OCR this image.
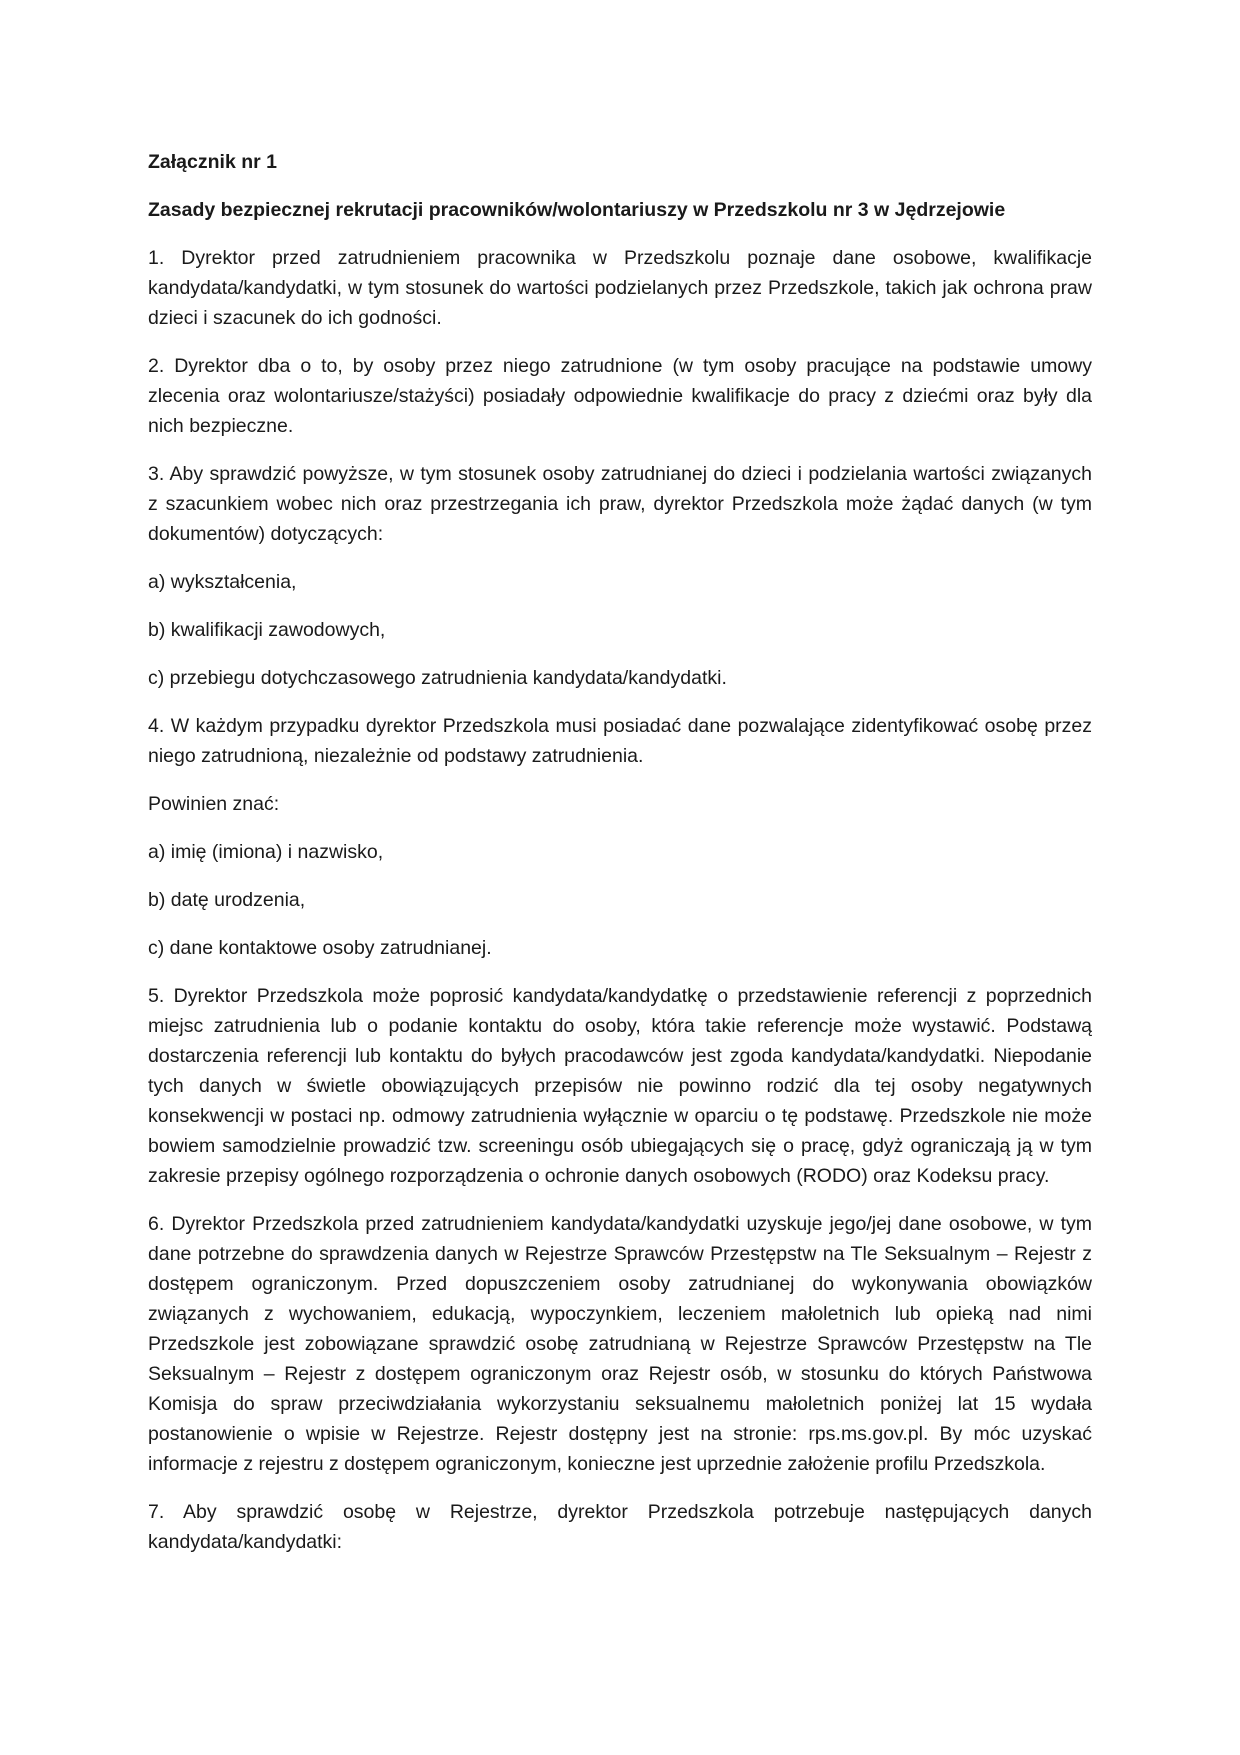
Załącznik nr 1

Zasady bezpiecznej rekrutacji pracowników/wolontariuszy w Przedszkolu nr 3 w Jędrzejowie

1. Dyrektor przed zatrudnieniem pracownika w Przedszkolu poznaje dane osobowe, kwalifikacje kandydata/kandydatki, w tym stosunek do wartości podzielanych przez Przedszkole, takich jak ochrona praw dzieci i szacunek do ich godności.

2. Dyrektor dba o to, by osoby przez niego zatrudnione (w tym osoby pracujące na podstawie umowy zlecenia oraz wolontariusze/stażyści) posiadały odpowiednie kwalifikacje do pracy z dziećmi oraz były dla nich bezpieczne.

3. Aby sprawdzić powyższe, w tym stosunek osoby zatrudnianej do dzieci i podzielania wartości związanych z szacunkiem wobec nich oraz przestrzegania ich praw, dyrektor Przedszkola może żądać danych (w tym dokumentów) dotyczących:

a) wykształcenia,

b) kwalifikacji zawodowych,

c) przebiegu dotychczasowego zatrudnienia kandydata/kandydatki.

4. W każdym przypadku dyrektor Przedszkola musi posiadać dane pozwalające zidentyfikować osobę przez niego zatrudnioną, niezależnie od podstawy zatrudnienia.

Powinien znać:

a) imię (imiona) i nazwisko,

b) datę urodzenia,

c) dane kontaktowe osoby zatrudnianej.

5. Dyrektor Przedszkola może poprosić kandydata/kandydatkę o przedstawienie referencji z poprzednich miejsc zatrudnienia lub o podanie kontaktu do osoby, która takie referencje może wystawić. Podstawą dostarczenia referencji lub kontaktu do byłych pracodawców jest zgoda kandydata/kandydatki. Niepodanie tych danych w świetle obowiązujących przepisów nie powinno rodzić dla tej osoby negatywnych konsekwencji w postaci np. odmowy zatrudnienia wyłącznie w oparciu o tę podstawę. Przedszkole nie może bowiem samodzielnie prowadzić tzw. screeningu osób ubiegających się o pracę, gdyż ograniczają ją w tym zakresie przepisy ogólnego rozporządzenia o ochronie danych osobowych (RODO) oraz Kodeksu pracy.

6. Dyrektor Przedszkola przed zatrudnieniem kandydata/kandydatki uzyskuje jego/jej dane osobowe, w tym dane potrzebne do sprawdzenia danych w Rejestrze Sprawców Przestępstw na Tle Seksualnym – Rejestr z dostępem ograniczonym. Przed dopuszczeniem osoby zatrudnianej do wykonywania obowiązków związanych z wychowaniem, edukacją, wypoczynkiem, leczeniem małoletnich lub opieką nad nimi Przedszkole jest zobowiązane sprawdzić osobę zatrudnianą w Rejestrze Sprawców Przestępstw na Tle Seksualnym – Rejestr z dostępem ograniczonym oraz Rejestr osób, w stosunku do których Państwowa Komisja do spraw przeciwdziałania wykorzystaniu seksualnemu małoletnich poniżej lat 15 wydała postanowienie o wpisie w Rejestrze. Rejestr dostępny jest na stronie: rps.ms.gov.pl. By móc uzyskać informacje z rejestru z dostępem ograniczonym, konieczne jest uprzednie założenie profilu Przedszkola.

7. Aby sprawdzić osobę w Rejestrze, dyrektor Przedszkola potrzebuje następujących danych kandydata/kandydatki:
